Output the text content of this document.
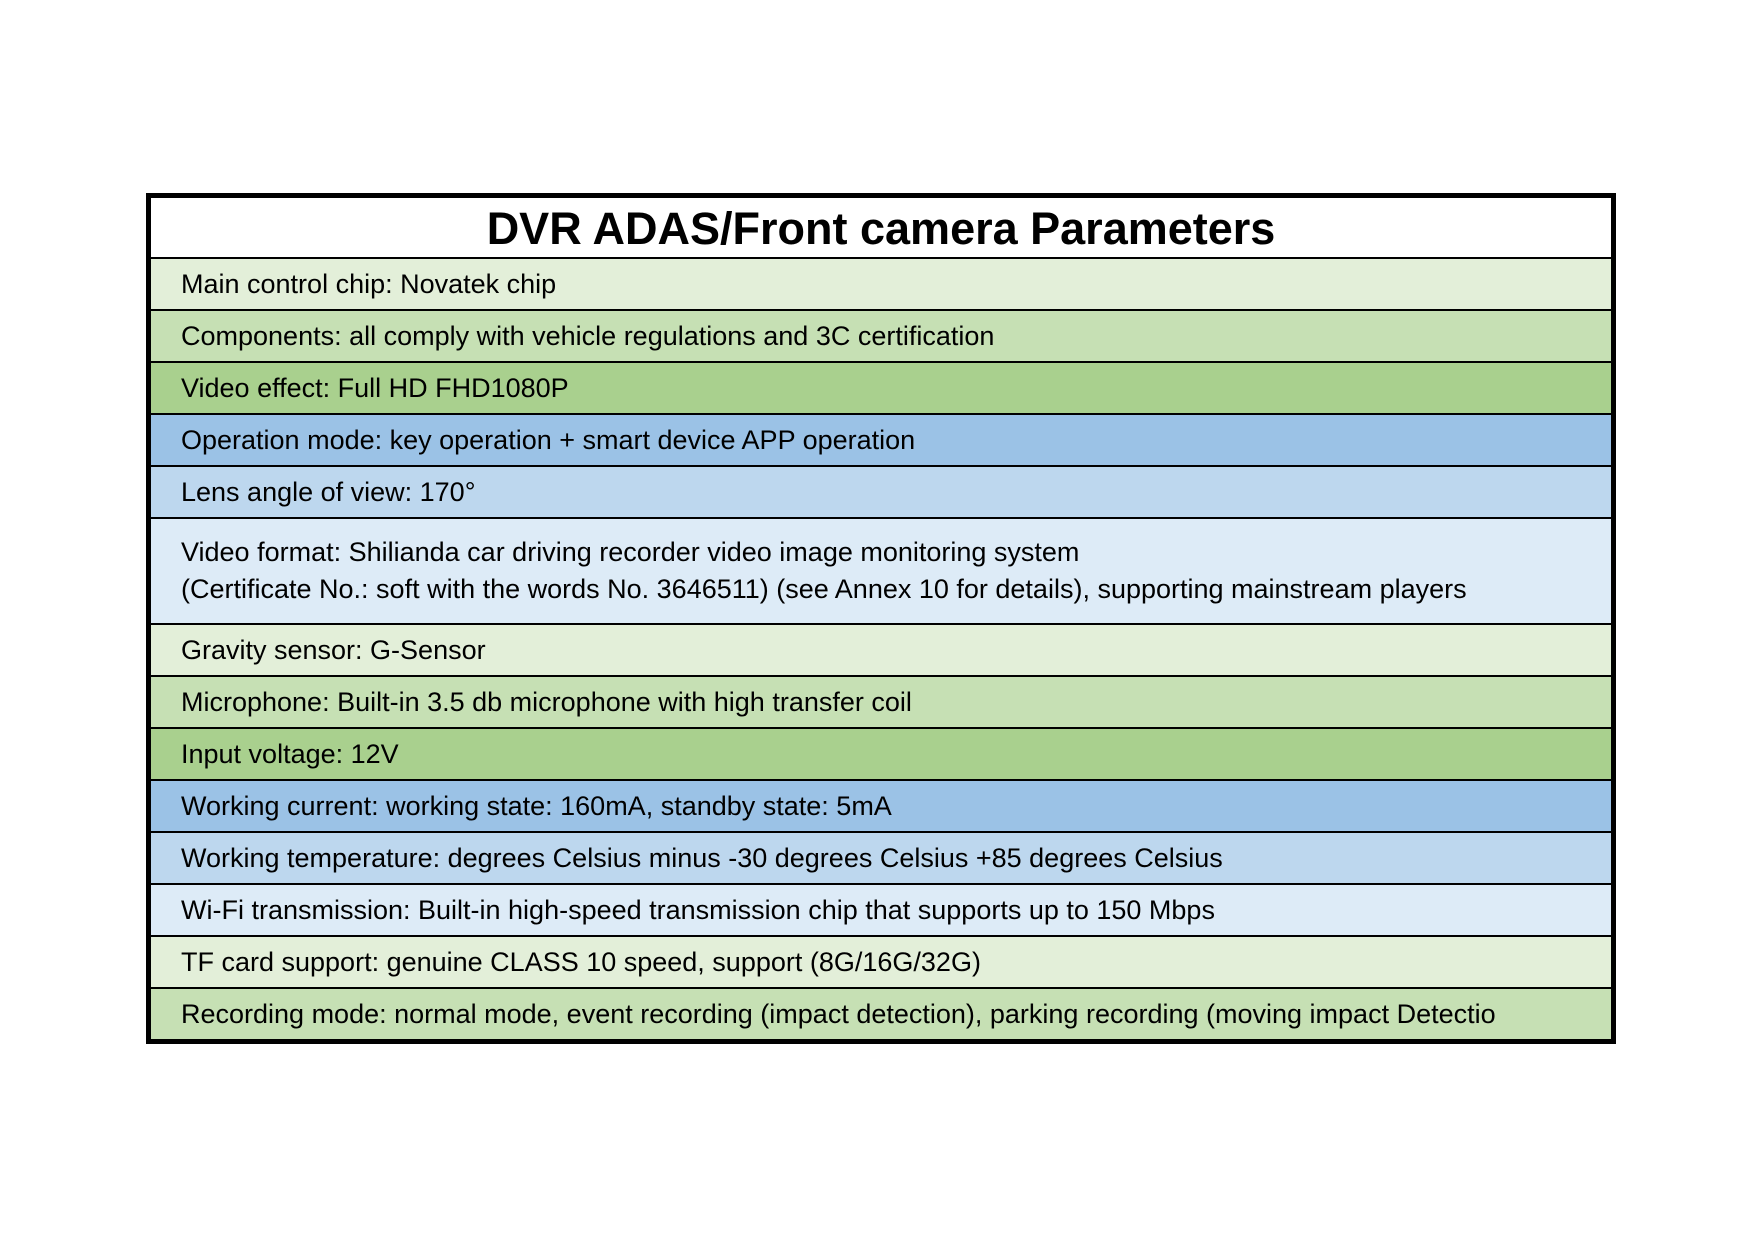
DVR ADAS/Front camera Parameters
Main control chip: Novatek chip
Components: all comply with vehicle regulations and 3C certification
Video effect: Full HD FHD1080P
Operation mode: key operation + smart device APP operation
Lens angle of view: 170°
Video format: Shilianda car driving recorder video image monitoring system
(Certificate No.: soft with the words No. 3646511) (see Annex 10 for details), supporting mainstream players
Gravity sensor: G-Sensor
Microphone: Built-in 3.5 db microphone with high transfer coil
Input voltage: 12V
Working current: working state: 160mA, standby state: 5mA
Working temperature: degrees Celsius minus -30 degrees Celsius +85 degrees Celsius
Wi-Fi transmission: Built-in high-speed transmission chip that supports up to 150 Mbps
TF card support: genuine CLASS 10 speed, support (8G/16G/32G)
Recording mode: normal mode, event recording (impact detection), parking recording (moving impact Detectio
